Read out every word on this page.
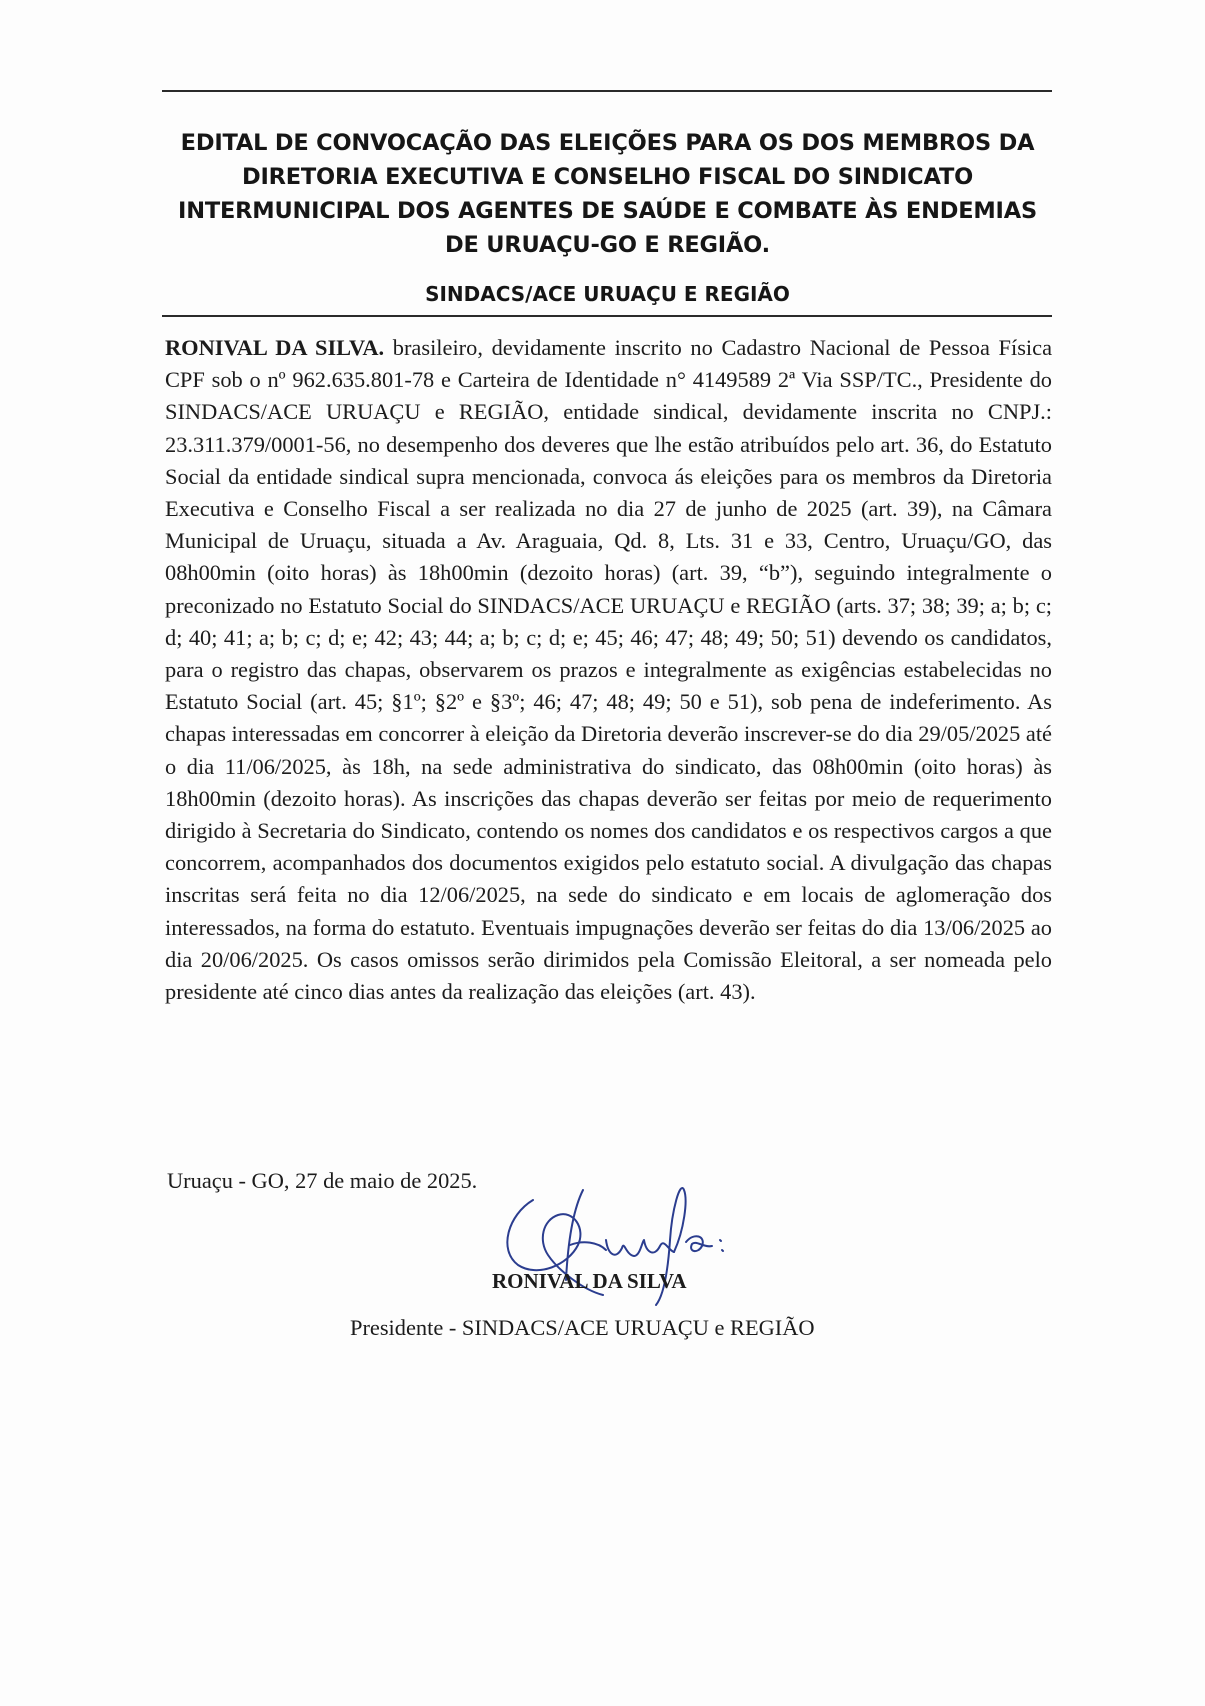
EDITAL DE CONVOCAÇÃO DAS ELEIÇÕES PARA OS DOS MEMBROS DA DIRETORIA EXECUTIVA E CONSELHO FISCAL DO SINDICATO INTERMUNICIPAL DOS AGENTES DE SAÚDE E COMBATE ÀS ENDEMIAS DE URUAÇU-GO E REGIÃO.
SINDACS/ACE URUAÇU E REGIÃO
RONIVAL DA SILVA. brasileiro, devidamente inscrito no Cadastro Nacional de Pessoa Física CPF sob o nº 962.635.801-78 e Carteira de Identidade n° 4149589 2ª Via SSP/TC., Presidente do SINDACS/ACE URUAÇU e REGIÃO, entidade sindical, devidamente inscrita no CNPJ.: 23.311.379/0001-56, no desempenho dos deveres que lhe estão atribuídos pelo art. 36, do Estatuto Social da entidade sindical supra mencionada, convoca ás eleições para os membros da Diretoria Executiva e Conselho Fiscal a ser realizada no dia 27 de junho de 2025 (art. 39), na Câmara Municipal de Uruaçu, situada a Av. Araguaia, Qd. 8, Lts. 31 e 33, Centro, Uruaçu/GO, das 08h00min (oito horas) às 18h00min (dezoito horas) (art. 39, “b”), seguindo integralmente o preconizado no Estatuto Social do SINDACS/ACE URUAÇU e REGIÃO (arts. 37; 38; 39; a; b; c; d; 40; 41; a; b; c; d; e; 42; 43; 44; a; b; c; d; e; 45; 46; 47; 48; 49; 50; 51) devendo os candidatos, para o registro das chapas, observarem os prazos e integralmente as exigências estabelecidas no Estatuto Social (art. 45; §1º; §2º e §3º; 46; 47; 48; 49; 50 e 51), sob pena de indeferimento. As chapas interessadas em concorrer à eleição da Diretoria deverão inscrever-se do dia 29/05/2025 até o dia 11/06/2025, às 18h, na sede administrativa do sindicato, das 08h00min (oito horas) às 18h00min (dezoito horas). As inscrições das chapas deverão ser feitas por meio de requerimento dirigido à Secretaria do Sindicato, contendo os nomes dos candidatos e os respectivos cargos a que concorrem, acompanhados dos documentos exigidos pelo estatuto social. A divulgação das chapas inscritas será feita no dia 12/06/2025, na sede do sindicato e em locais de aglomeração dos interessados, na forma do estatuto. Eventuais impugnações deverão ser feitas do dia 13/06/2025 ao dia 20/06/2025. Os casos omissos serão dirimidos pela Comissão Eleitoral, a ser nomeada pelo presidente até cinco dias antes da realização das eleições (art. 43).
Uruaçu - GO, 27 de maio de 2025.
RONIVAL DA SILVA
Presidente - SINDACS/ACE URUAÇU e REGIÃO
